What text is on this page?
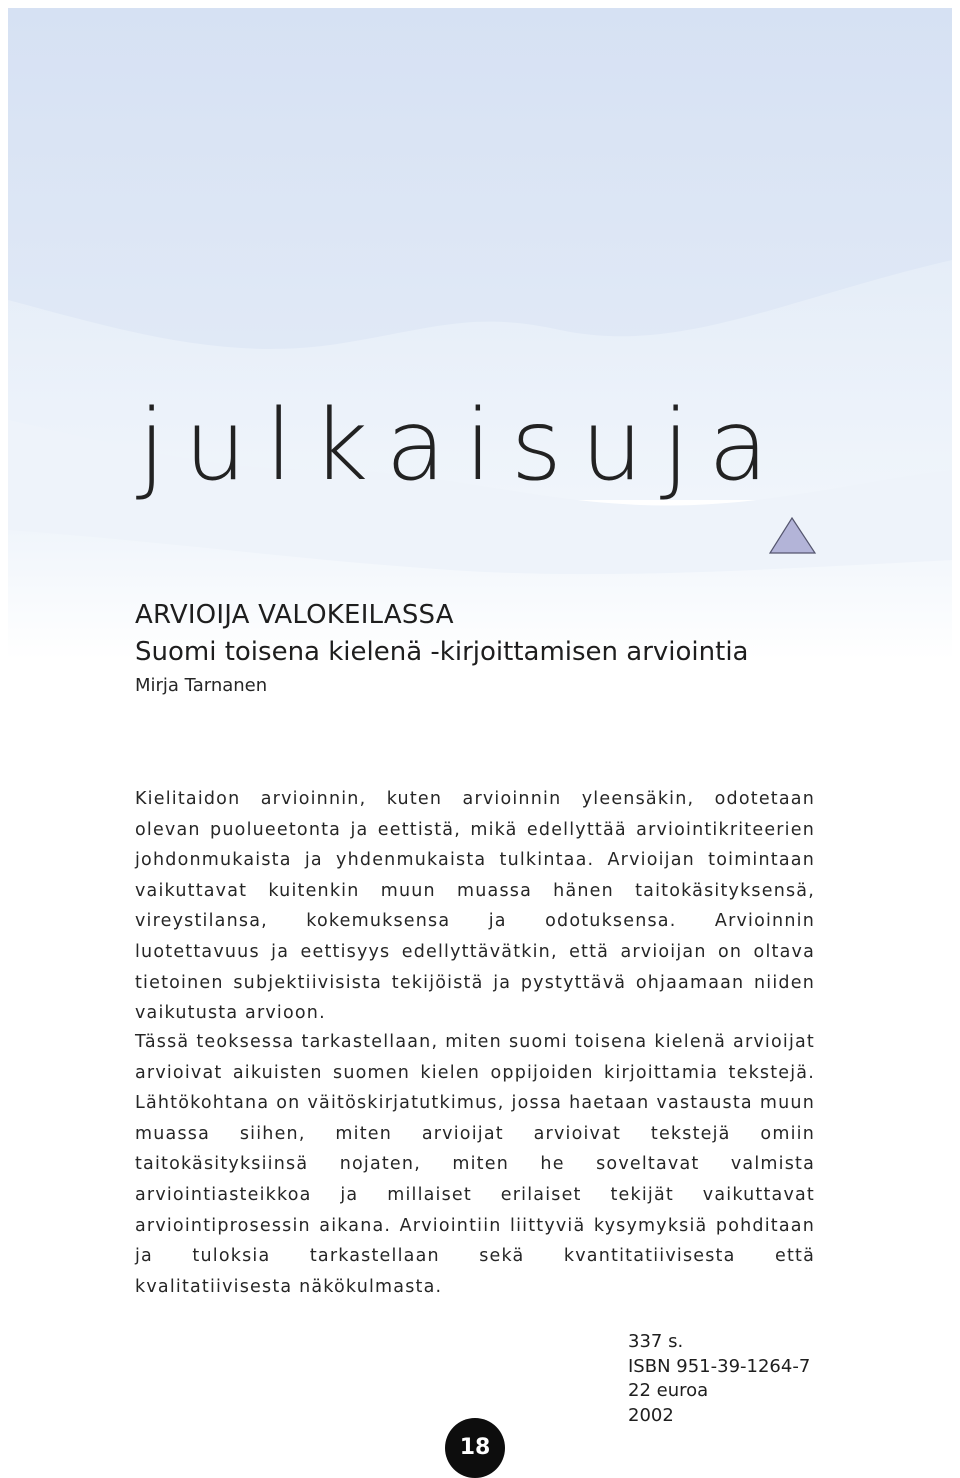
julkaisuja
ARVIOIJA VALOKEILASSA
Suomi toisena kielenä -kirjoittamisen arviointia

Mirja Tarnanen

Kielitaidon arvioinnin, kuten arvioinnin yleensäkin, odotetaan olevan puolueetonta ja eettistä, mikä edellyttää arviointikriteerien johdonmukaista ja yhdenmukaista tulkintaa. Arvioijan toimintaan vaikuttavat kuitenkin muun muassa hänen taitokäsityksensä, vireystilansa, kokemuksensa ja odotuksensa. Arvioinnin luotettavuus ja eettisyys edellyttävätkin, että arvioijan on oltava tietoinen subjektiivisista tekijöistä ja pystyttävä ohjaamaan niiden vaikutusta arvioon.

Tässä teoksessa tarkastellaan, miten suomi toisena kielenä arvioijat arvioivat aikuisten suomen kielen oppijoiden kirjoittamia tekstejä. Lähtökohtana on väitöskirjatutkimus, jossa haetaan vastausta muun muassa siihen, miten arvioijat arvioivat tekstejä omiin taitokäsityksiinsä nojaten, miten he soveltavat valmista arviointiasteikkoa ja millaiset erilaiset tekijät vaikuttavat arviointiprosessin aikana. Arviointiin liittyviä kysymyksiä pohditaan ja tuloksia tarkastellaan sekä kvantitatiivisesta että kvalitatiivisesta näkökulmasta.

337 s.
ISBN 951-39-1264-7
22 euroa
2002
18
